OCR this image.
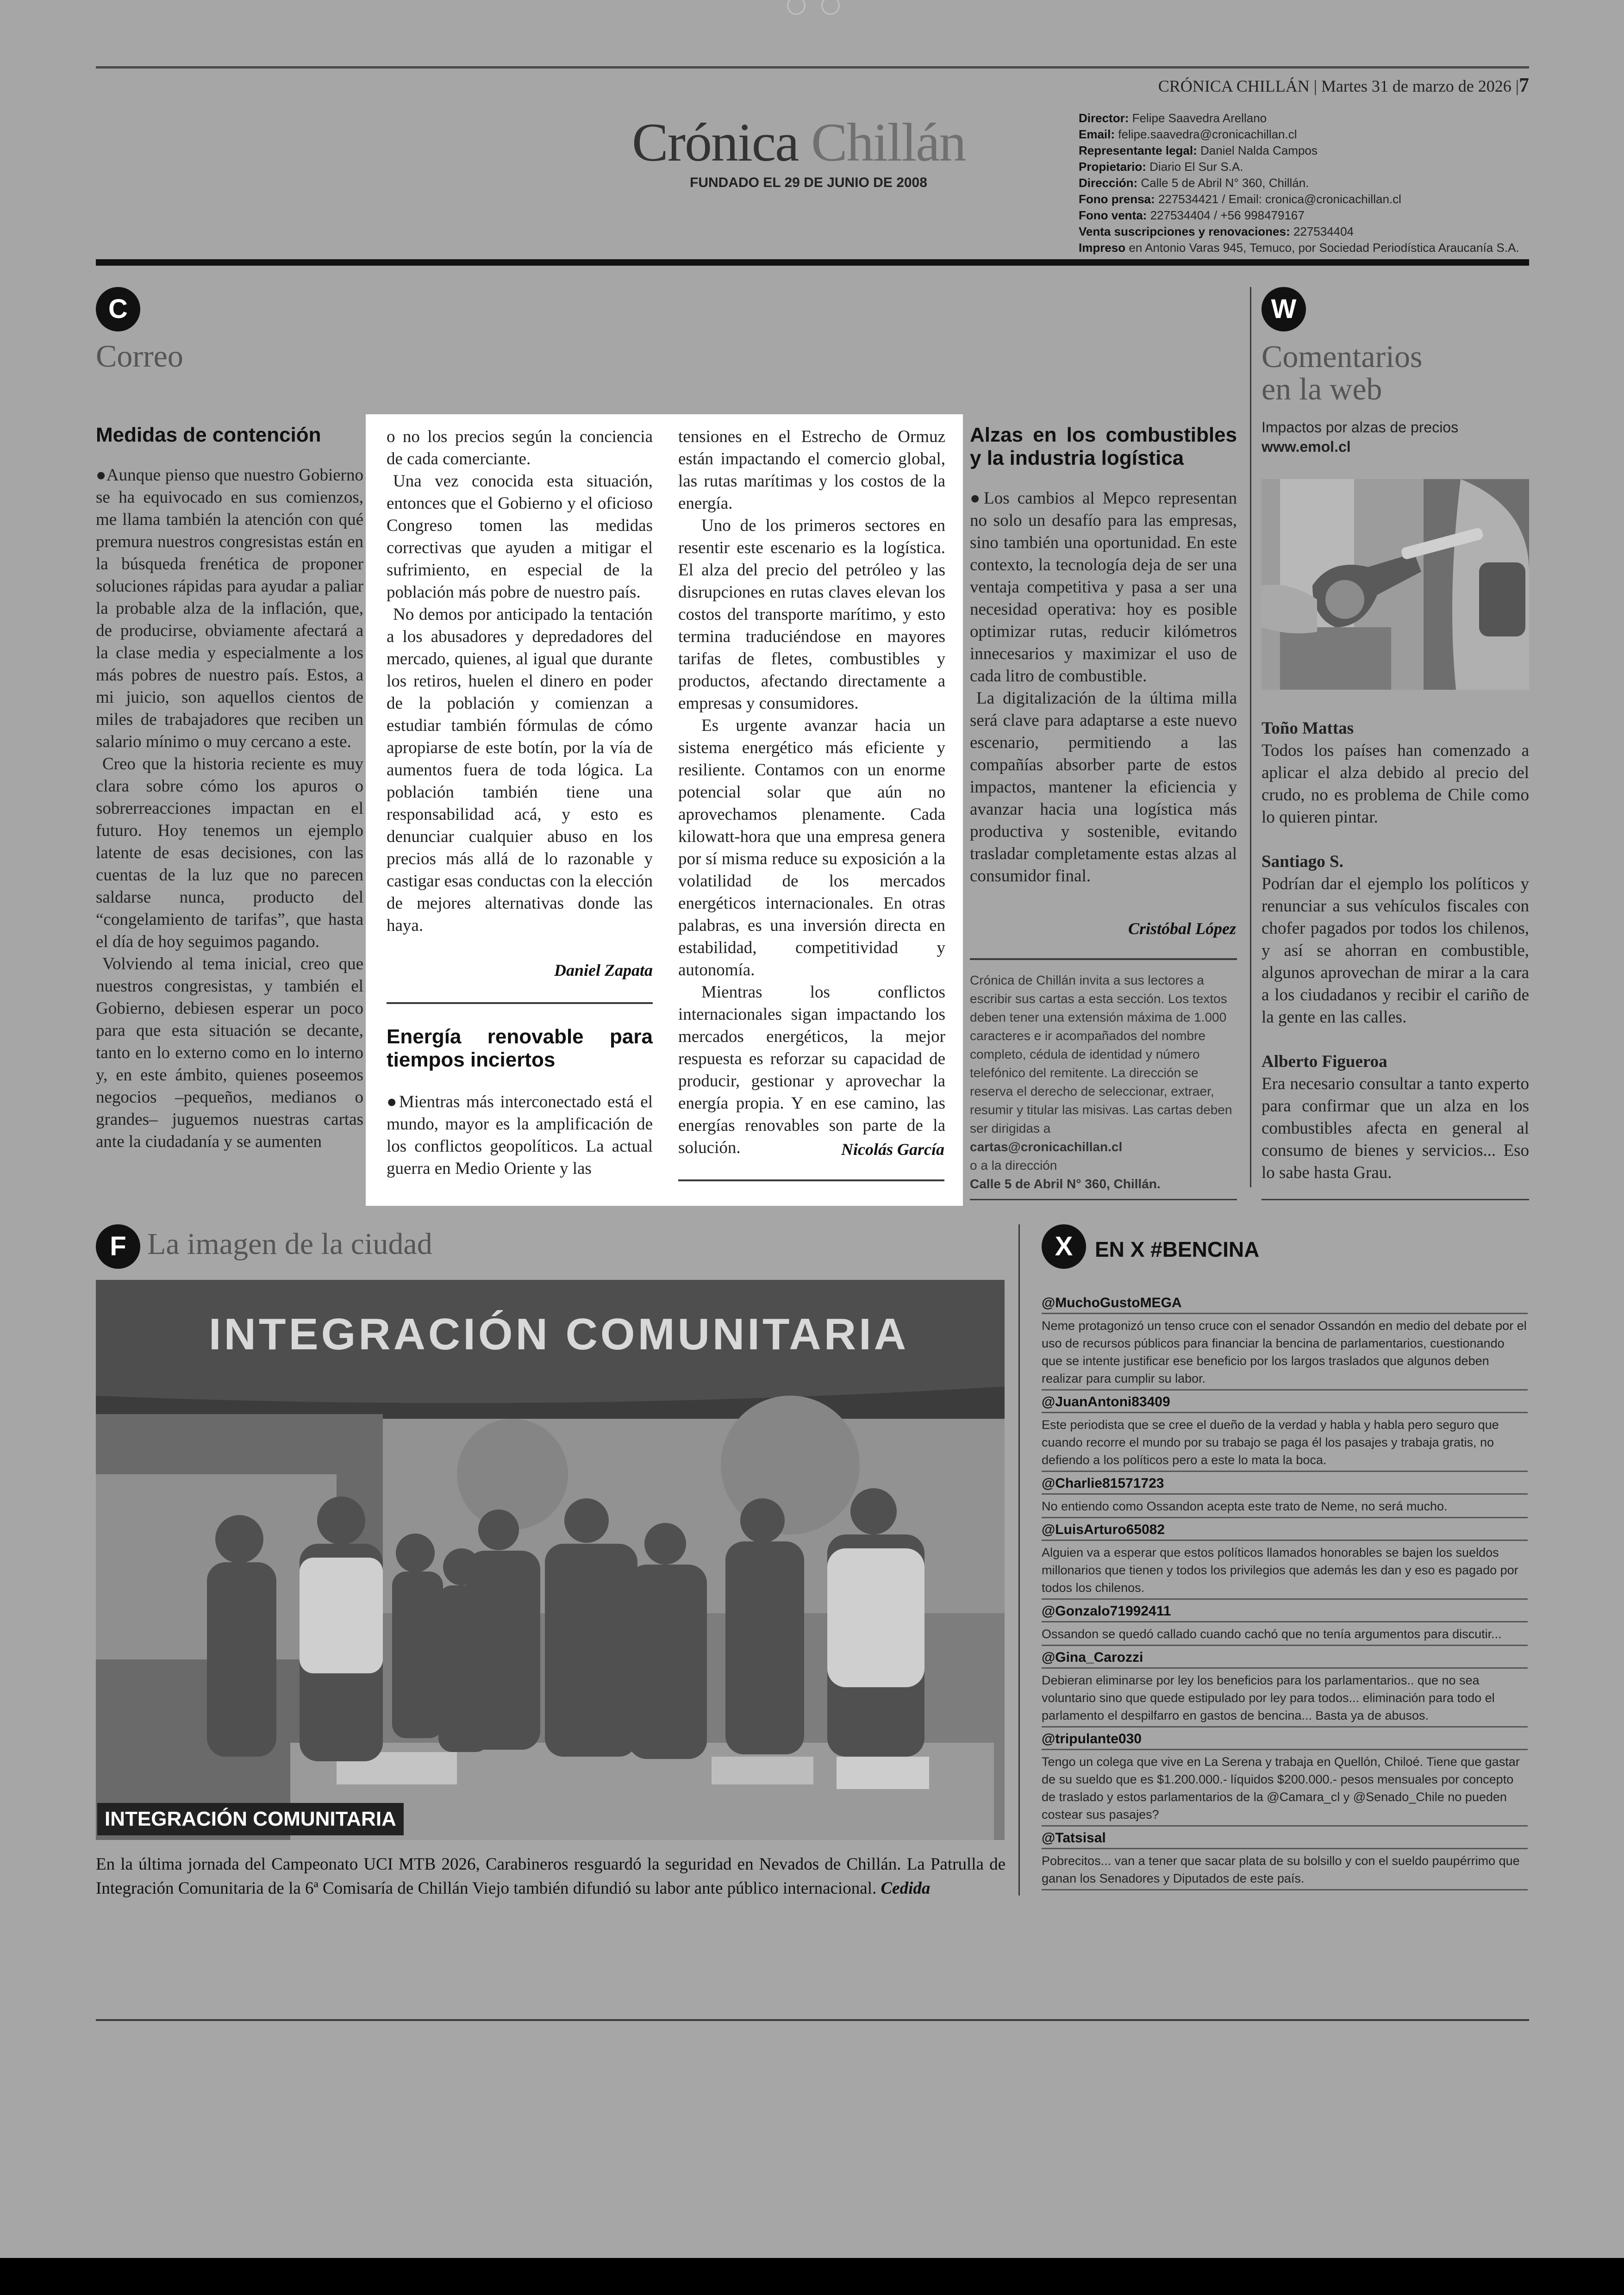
CRÓNICA CHILLÁN | Martes 31 de marzo de 2026 |7
Crónica Chillán
FUNDADO EL 29 DE JUNIO DE 2008
Director: Felipe Saavedra Arellano
Email: felipe.saavedra@cronicachillan.cl
Representante legal: Daniel Nalda Campos
Propietario: Diario El Sur S.A.
Dirección: Calle 5 de Abril N° 360, Chillán.
Fono prensa: 227534421 / Email: cronica@cronicachillan.cl
Fono venta: 227534404 / +56 998479167
Venta suscripciones y renovaciones: 227534404
Impreso en Antonio Varas 945, Temuco, por Sociedad Periodística Araucanía S.A.
C
Correo

Medidas de contención

●Aunque pienso que nuestro Gobierno se ha equivocado en sus comienzos, me llama también la atención con qué premura nuestros congresistas están en la búsqueda frenética de proponer soluciones rápidas para ayudar a paliar la probable alza de la inflación, que, de producirse, obviamente afectará a la clase media y especialmente a los más pobres de nuestro país. Estos, a mi juicio, son aquellos cientos de miles de trabajadores que reciben un salario mínimo o muy cercano a este.

Creo que la historia reciente es muy clara sobre cómo los apuros o sobrerreacciones impactan en el futuro. Hoy tenemos un ejemplo latente de esas decisiones, con las cuentas de la luz que no parecen saldarse nunca, producto del “congelamiento de tarifas”, que hasta el día de hoy seguimos pagando.

Volviendo al tema inicial, creo que nuestros congresistas, y también el Gobierno, debiesen esperar un poco para que esta situación se decante, tanto en lo externo como en lo interno y, en este ámbito, quienes poseemos negocios –pequeños, medianos o grandes– juguemos nuestras cartas ante la ciudadanía y se aumenten

o no los precios según la conciencia de cada comerciante.

Una vez conocida esta situación, entonces que el Gobierno y el oficioso Congreso tomen las medidas correctivas que ayuden a mitigar el sufrimiento, en especial de la población más pobre de nuestro país.

No demos por anticipado la tentación a los abusadores y depredadores del mercado, quienes, al igual que durante los retiros, huelen el dinero en poder de la población y comienzan a estudiar también fórmulas de cómo apropiarse de este botín, por la vía de aumentos fuera de toda lógica. La población también tiene una responsabilidad acá, y esto es denunciar cualquier abuso en los precios más allá de lo razonable y castigar esas conductas con la elección de mejores alternativas donde las haya.

Daniel Zapata

Energía renovable para tiempos inciertos

●Mientras más interconectado está el mundo, mayor es la amplificación de los conflictos geopolíticos. La actual guerra en Medio Oriente y las

tensiones en el Estrecho de Ormuz están impactando el comercio global, las rutas marítimas y los costos de la energía.

Uno de los primeros sectores en resentir este escenario es la logística. El alza del precio del petróleo y las disrupciones en rutas claves elevan los costos del transporte marítimo, y esto termina traduciéndose en mayores tarifas de fletes, combustibles y productos, afectando directamente a empresas y consumidores.

Es urgente avanzar hacia un sistema energético más eficiente y resiliente. Contamos con un enorme potencial solar que aún no aprovechamos plenamente. Cada kilowatt-hora que una empresa genera por sí misma reduce su exposición a la volatilidad de los mercados energéticos internacionales. En otras palabras, es una inversión directa en estabilidad, competitividad y autonomía.

Mientras los conflictos internacionales sigan impactando los mercados energéticos, la mejor respuesta es reforzar su capacidad de producir, gestionar y aprovechar la energía propia. Y en ese camino, las energías renovables son parte de la solución.	Nicolás García

Alzas en los combustibles y la industria logística

●Los cambios al Mepco representan no solo un desafío para las empresas, sino también una oportunidad. En este contexto, la tecnología deja de ser una ventaja competitiva y pasa a ser una necesidad operativa: hoy es posible optimizar rutas, reducir kilómetros innecesarios y maximizar el uso de cada litro de combustible.

La digitalización de la última milla será clave para adaptarse a este nuevo escenario, permitiendo a las compañías absorber parte de estos impactos, mantener la eficiencia y avanzar hacia una logística más productiva y sostenible, evitando trasladar completamente estas alzas al consumidor final.

Cristóbal López
Crónica de Chillán invita a sus lectores a escribir sus cartas a esta sección. Los textos deben tener una extensión máxima de 1.000 caracteres e ir acompañados del nombre completo, cédula de identidad y número telefónico del remitente. La dirección se reserva el derecho de seleccionar, extraer, resumir y titular las misivas. Las cartas deben ser dirigidas a
cartas@cronicachillan.cl
o a la dirección
Calle 5 de Abril N° 360, Chillán.
W
Comentarios
en la web
Impactos por alzas de precios
www.emol.cl

Toño Mattas

Todos los países han comenzado a aplicar el alza debido al precio del crudo, no es problema de Chile como lo quieren pintar.

Santiago S.

Podrían dar el ejemplo los políticos y renunciar a sus vehículos fiscales con chofer pagados por todos los chilenos, y así se ahorran en combustible, algunos aprovechan de mirar a la cara a los ciudadanos y recibir el cariño de la gente en las calles.

Alberto Figueroa

Era necesario consultar a tanto experto para confirmar que un alza en los combustibles afecta en general al consumo de bienes y servicios... Eso lo sabe hasta Grau.

F La imagen de la ciudad
INTEGRACIÓN COMUNITARIA
INTEGRACIÓN COMUNITARIA
En la última jornada del Campeonato UCI MTB 2026, Carabineros resguardó la seguridad en Nevados de Chillán. La Patrulla de Integración Comunitaria de la 6ª Comisaría de Chillán Viejo también difundió su labor ante público internacional. Cedida
X	EN X #BENCINA
@MuchoGustoMEGA
Neme protagonizó un tenso cruce con el senador Ossandón en medio del debate por el uso de recursos públicos para financiar la bencina de parlamentarios, cuestionando que se intente justificar ese beneficio por los largos traslados que algunos deben realizar para cumplir su labor.
@JuanAntoni83409
Este periodista que se cree el dueño de la verdad y habla y habla pero seguro que cuando recorre el mundo por su trabajo se paga él los pasajes y trabaja gratis, no defiendo a los políticos pero a este lo mata la boca.
@Charlie81571723
No entiendo como Ossandon acepta este trato de Neme, no será mucho.
@LuisArturo65082
Alguien va a esperar que estos políticos llamados honorables se bajen los sueldos millonarios que tienen y todos los privilegios que además les dan y eso es pagado por todos los chilenos.
@Gonzalo71992411
Ossandon se quedó callado cuando cachó que no tenía argumentos para discutir...
@Gina_Carozzi
Debieran eliminarse por ley los beneficios para los parlamentarios.. que no sea voluntario sino que quede estipulado por ley para todos... eliminación para todo el parlamento el despilfarro en gastos de bencina... Basta ya de abusos.
@tripulante030
Tengo un colega que vive en La Serena y trabaja en Quellón, Chiloé. Tiene que gastar de su sueldo que es $1.200.000.- líquidos $200.000.- pesos mensuales por concepto de traslado y estos parlamentarios de la @Camara_cl y @Senado_Chile no pueden costear sus pasajes?
@Tatsisal
Pobrecitos... van a tener que sacar plata de su bolsillo y con el sueldo paupérrimo que ganan los Senadores y Diputados de este país.
